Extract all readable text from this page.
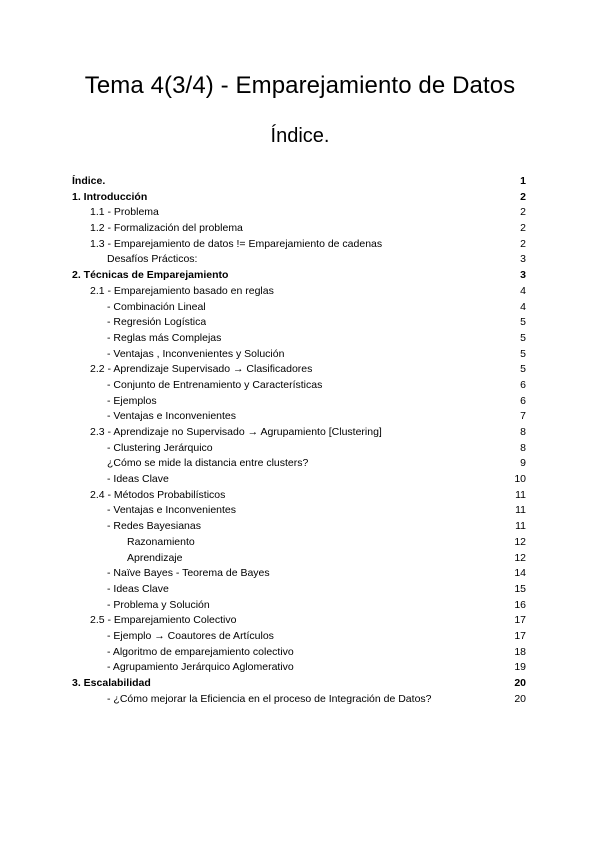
Tema 4(3/4) - Emparejamiento de Datos
Índice.
Índice.	1
1. Introducción	2
1.1 - Problema	2
1.2 - Formalización del problema	2
1.3 - Emparejamiento de datos != Emparejamiento de cadenas	2
Desafíos Prácticos:	3
2. Técnicas de Emparejamiento	3
2.1 - Emparejamiento basado en reglas	4
- Combinación Lineal	4
- Regresión Logística	5
- Reglas más Complejas	5
- Ventajas , Inconvenientes y Solución	5
2.2 - Aprendizaje Supervisado → Clasificadores	5
- Conjunto de Entrenamiento y Características	6
- Ejemplos	6
- Ventajas e Inconvenientes	7
2.3 - Aprendizaje no Supervisado → Agrupamiento [Clustering]	8
- Clustering Jerárquico	8
¿Cómo se mide la distancia entre clusters?	9
- Ideas Clave	10
2.4 - Métodos Probabilísticos	11
- Ventajas e Inconvenientes	11
- Redes Bayesianas	11
Razonamiento	12
Aprendizaje	12
- Naïve Bayes - Teorema de Bayes	14
- Ideas Clave	15
- Problema y Solución	16
2.5 - Emparejamiento Colectivo	17
- Ejemplo → Coautores de Artículos	17
- Algoritmo de emparejamiento colectivo	18
- Agrupamiento Jerárquico Aglomerativo	19
3. Escalabilidad	20
- ¿Cómo mejorar la Eficiencia en el proceso de Integración de Datos?	20
